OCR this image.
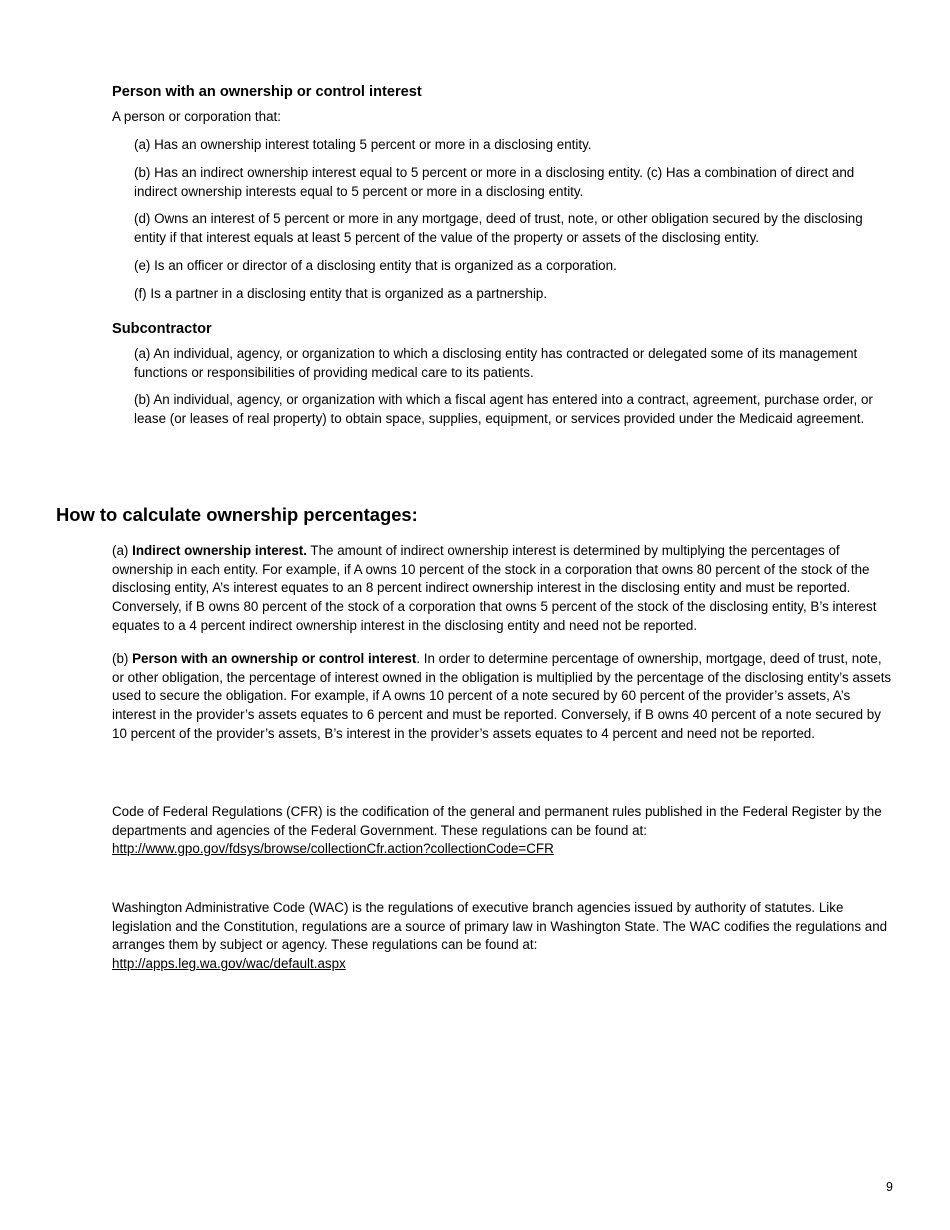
Person with an ownership or control interest

A person or corporation that:

(a) Has an ownership interest totaling 5 percent or more in a disclosing entity.

(b) Has an indirect ownership interest equal to 5 percent or more in a disclosing entity. (c) Has a combination of direct and indirect ownership interests equal to 5 percent or more in a disclosing entity.

(d) Owns an interest of 5 percent or more in any mortgage, deed of trust, note, or other obligation secured by the disclosing entity if that interest equals at least 5 percent of the value of the property or assets of the disclosing entity.

(e) Is an officer or director of a disclosing entity that is organized as a corporation.

(f) Is a partner in a disclosing entity that is organized as a partnership.

Subcontractor

(a) An individual, agency, or organization to which a disclosing entity has contracted or delegated some of its management functions or responsibilities of providing medical care to its patients.

(b) An individual, agency, or organization with which a fiscal agent has entered into a contract, agreement, purchase order, or lease (or leases of real property) to obtain space, supplies, equipment, or services provided under the Medicaid agreement.

How to calculate ownership percentages:

(a) Indirect ownership interest. The amount of indirect ownership interest is determined by multiplying the percentages of ownership in each entity. For example, if A owns 10 percent of the stock in a corporation that owns 80 percent of the stock of the disclosing entity, A’s interest equates to an 8 percent indirect ownership interest in the disclosing entity and must be reported. Conversely, if B owns 80 percent of the stock of a corporation that owns 5 percent of the stock of the disclosing entity, B’s interest equates to a 4 percent indirect ownership interest in the disclosing entity and need not be reported.

(b) Person with an ownership or control interest. In order to determine percentage of ownership, mortgage, deed of trust, note, or other obligation, the percentage of interest owned in the obligation is multiplied by the percentage of the disclosing entity’s assets used to secure the obligation. For example, if A owns 10 percent of a note secured by 60 percent of the provider’s assets, A’s interest in the provider’s assets equates to 6 percent and must be reported. Conversely, if B owns 40 percent of a note secured by 10 percent of the provider’s assets, B’s interest in the provider’s assets equates to 4 percent and need not be reported.

Code of Federal Regulations (CFR) is the codification of the general and permanent rules published in the Federal Register by the departments and agencies of the Federal Government. These regulations can be found at:

http://www.gpo.gov/fdsys/browse/collectionCfr.action?collectionCode=CFR

Washington Administrative Code (WAC) is the regulations of executive branch agencies issued by authority of statutes. Like legislation and the Constitution, regulations are a source of primary law in Washington State. The WAC codifies the regulations and arranges them by subject or agency. These regulations can be found at:

http://apps.leg.wa.gov/wac/default.aspx
9
